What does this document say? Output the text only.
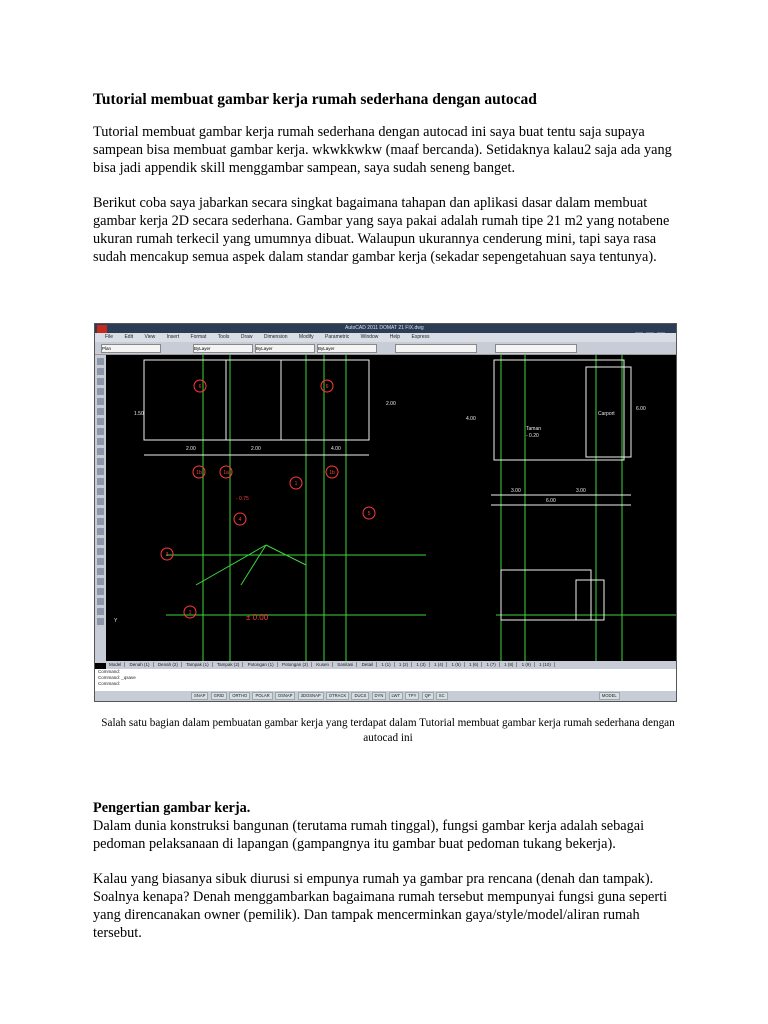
Tutorial membuat gambar kerja rumah sederhana dengan autocad

Tutorial membuat gambar kerja rumah sederhana dengan autocad ini saya buat tentu saja supaya sampean bisa membuat gambar kerja. wkwkkwkw (maaf bercanda). Setidaknya kalau2 saja ada yang bisa jadi appendik skill menggambar sampean, saya sudah seneng banget.

Berikut coba saya jabarkan secara singkat bagaimana tahapan dan aplikasi dasar dalam membuat gambar kerja 2D secara sederhana. Gambar yang saya pakai adalah rumah tipe 21 m2 yang notabene ukuran rumah terkecil yang umumnya dibuat. Walaupun ukurannya cenderung mini, tapi saya rasa sudah mencakup semua aspek dalam standar gambar kerja (sekadar sepengetahuan saya tentunya).

AutoCAD 2011 DOMAT 21 FIX.dwg
File Edit View Insert Format Tools Draw Dimension Modify Parametric Window Help Express
Plan	ByLayer	ByLayer	ByLayer
2.00	2.00	4.00
1.50
2.00
4.00
6.00
3.00	3.00
6.00
Taman
- 0.20
Carport
Y
- 0.75
± 0.00
6	6
1b	1a
1
1b
4
5
3
1
Model Denah (1) Denah (2) Tampak (1) Tampak (2) Potongan (1) Potongan (2) Kusen Sanitasi Detail 1 (1) 1 (2) 1 (3) 1 (4) 1 (5) 1 (6) 1 (7) 1 (8) 1 (9) 1 (10)
Command:
Command: _qsave
Command:
SNAP GRID ORTHO POLAR OSNAP 3DOSNAP OTRACK DUCS DYN LWT TPY QP SC	MODEL
Salah satu bagian dalam pembuatan gambar kerja yang terdapat dalam Tutorial membuat gambar kerja rumah sederhana dengan autocad ini
Pengertian gambar kerja.

Dalam dunia konstruksi bangunan (terutama rumah tinggal), fungsi gambar kerja adalah sebagai pedoman pelaksanaan di lapangan (gampangnya itu gambar buat pedoman tukang bekerja).

Kalau yang biasanya sibuk diurusi si empunya rumah ya gambar pra rencana (denah dan tampak). Soalnya kenapa? Denah menggambarkan bagaimana rumah tersebut mempunyai fungsi guna seperti yang direncanakan owner (pemilik). Dan tampak mencerminkan gaya/style/model/aliran rumah tersebut.
